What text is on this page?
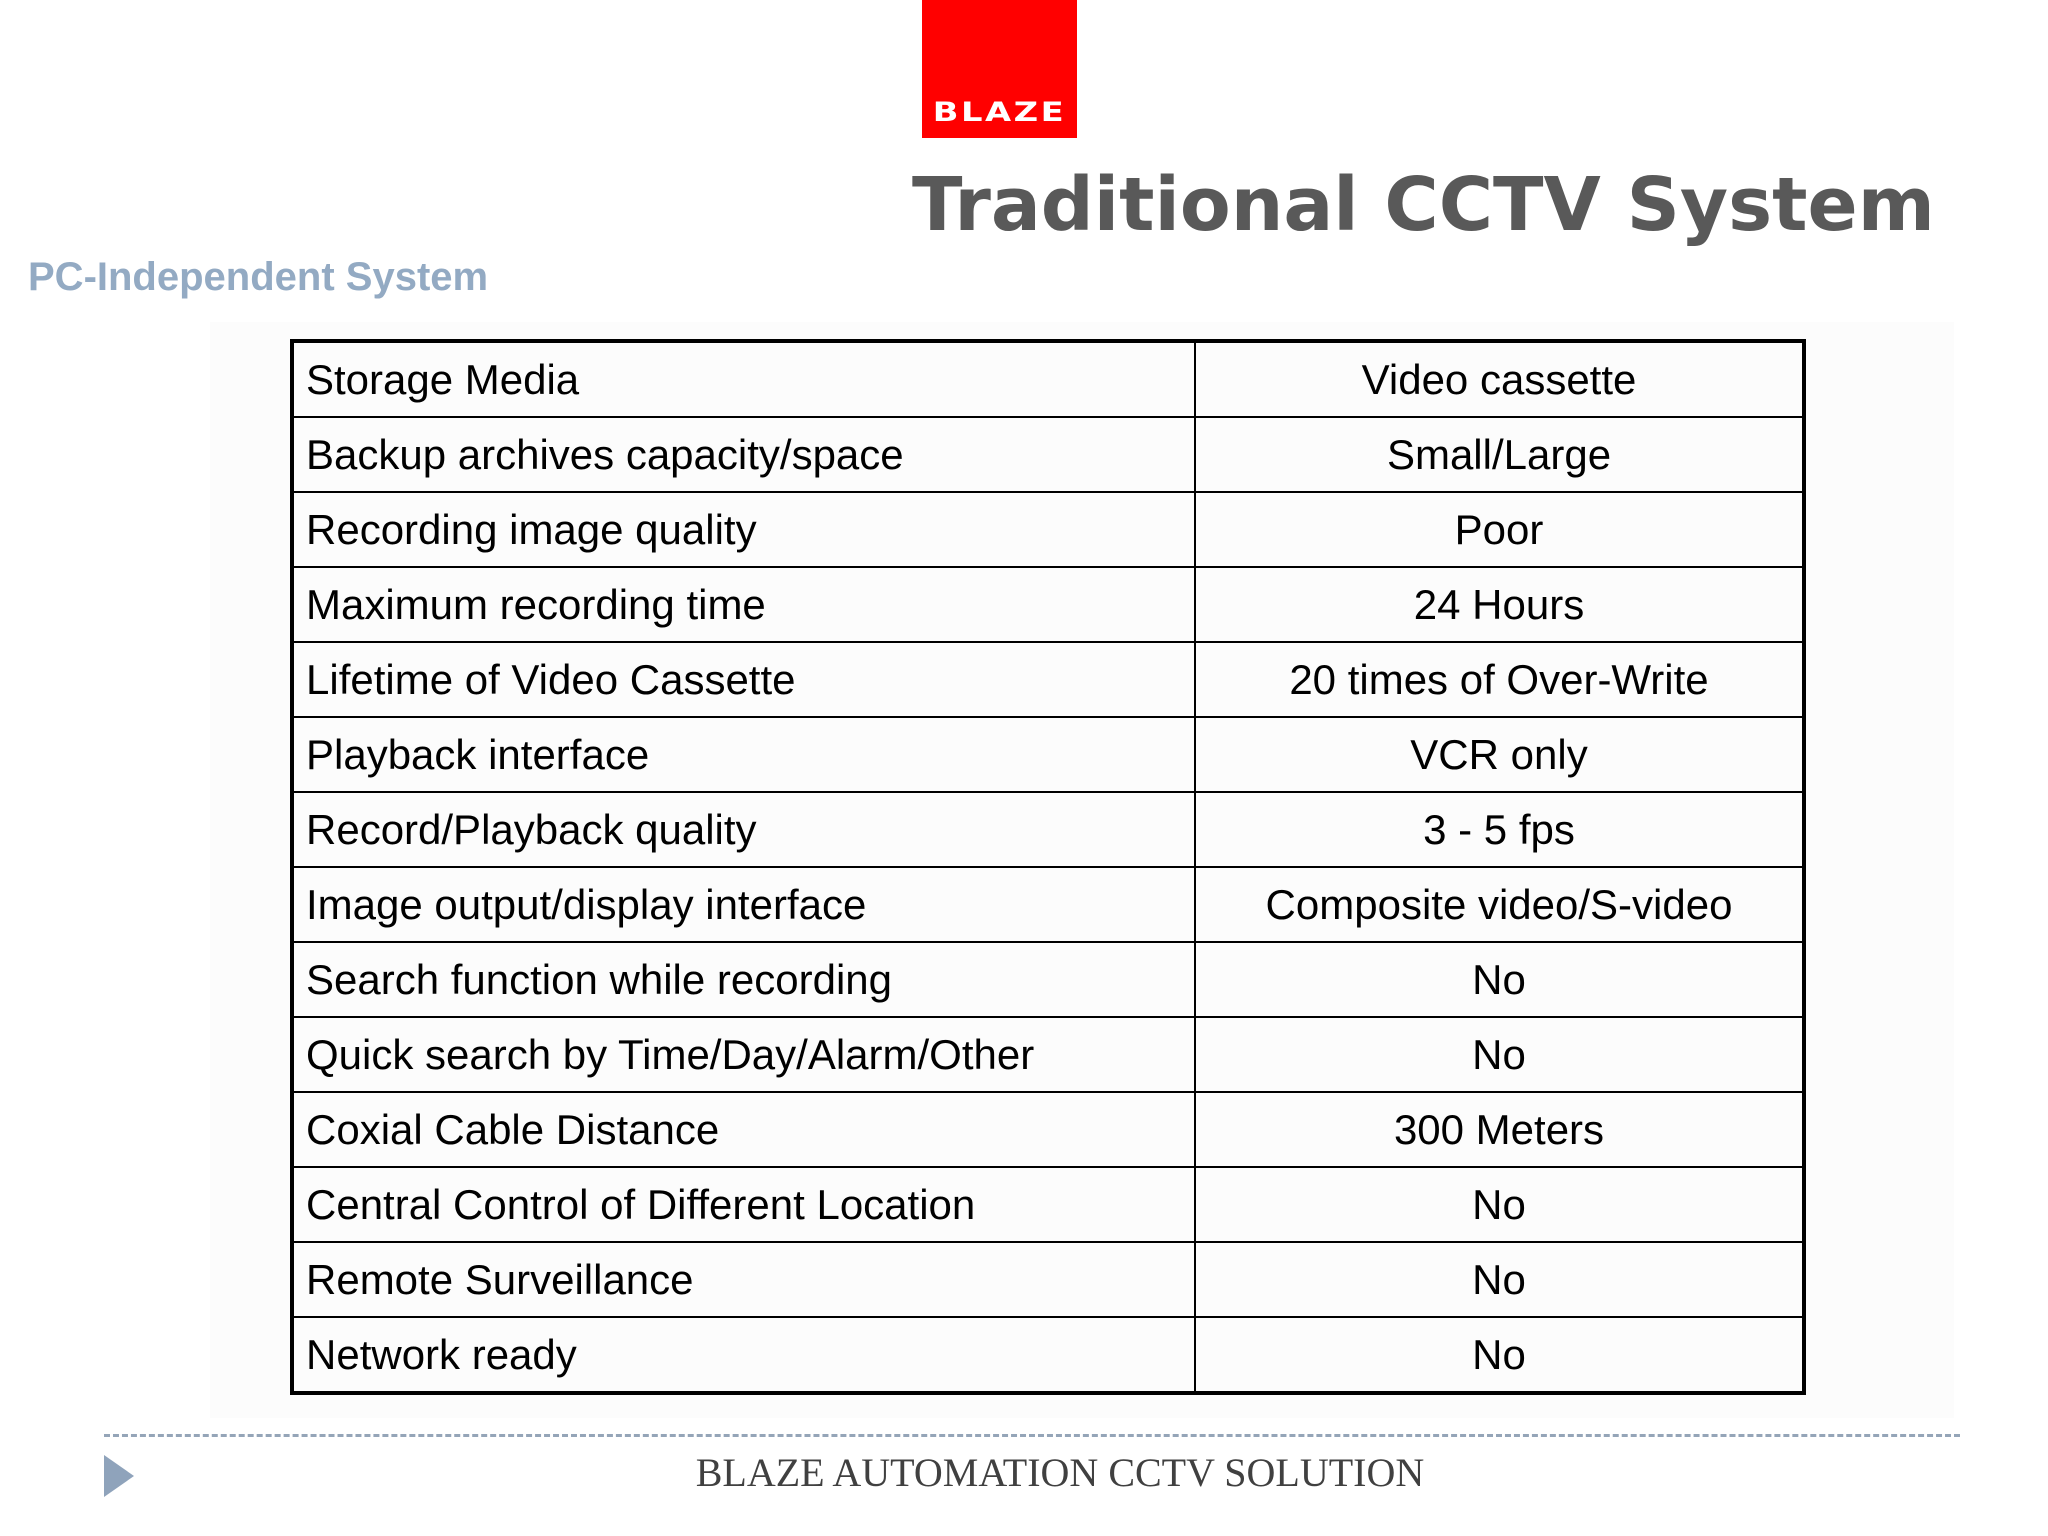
BLAZE
Traditional CCTV System
PC-Independent System
Storage Media	Video cassette
Backup archives capacity/space	Small/Large
Recording image quality	Poor
Maximum recording time	24 Hours
Lifetime of Video Cassette	20 times of Over-Write
Playback interface	VCR only
Record/Playback quality	3 - 5 fps
Image output/display interface	Composite video/S-video
Search function while recording	No
Quick search by Time/Day/Alarm/Other	No
Coxial Cable Distance	300 Meters
Central Control of Different Location	No
Remote Surveillance	No
Network ready	No
BLAZE AUTOMATION CCTV SOLUTION
